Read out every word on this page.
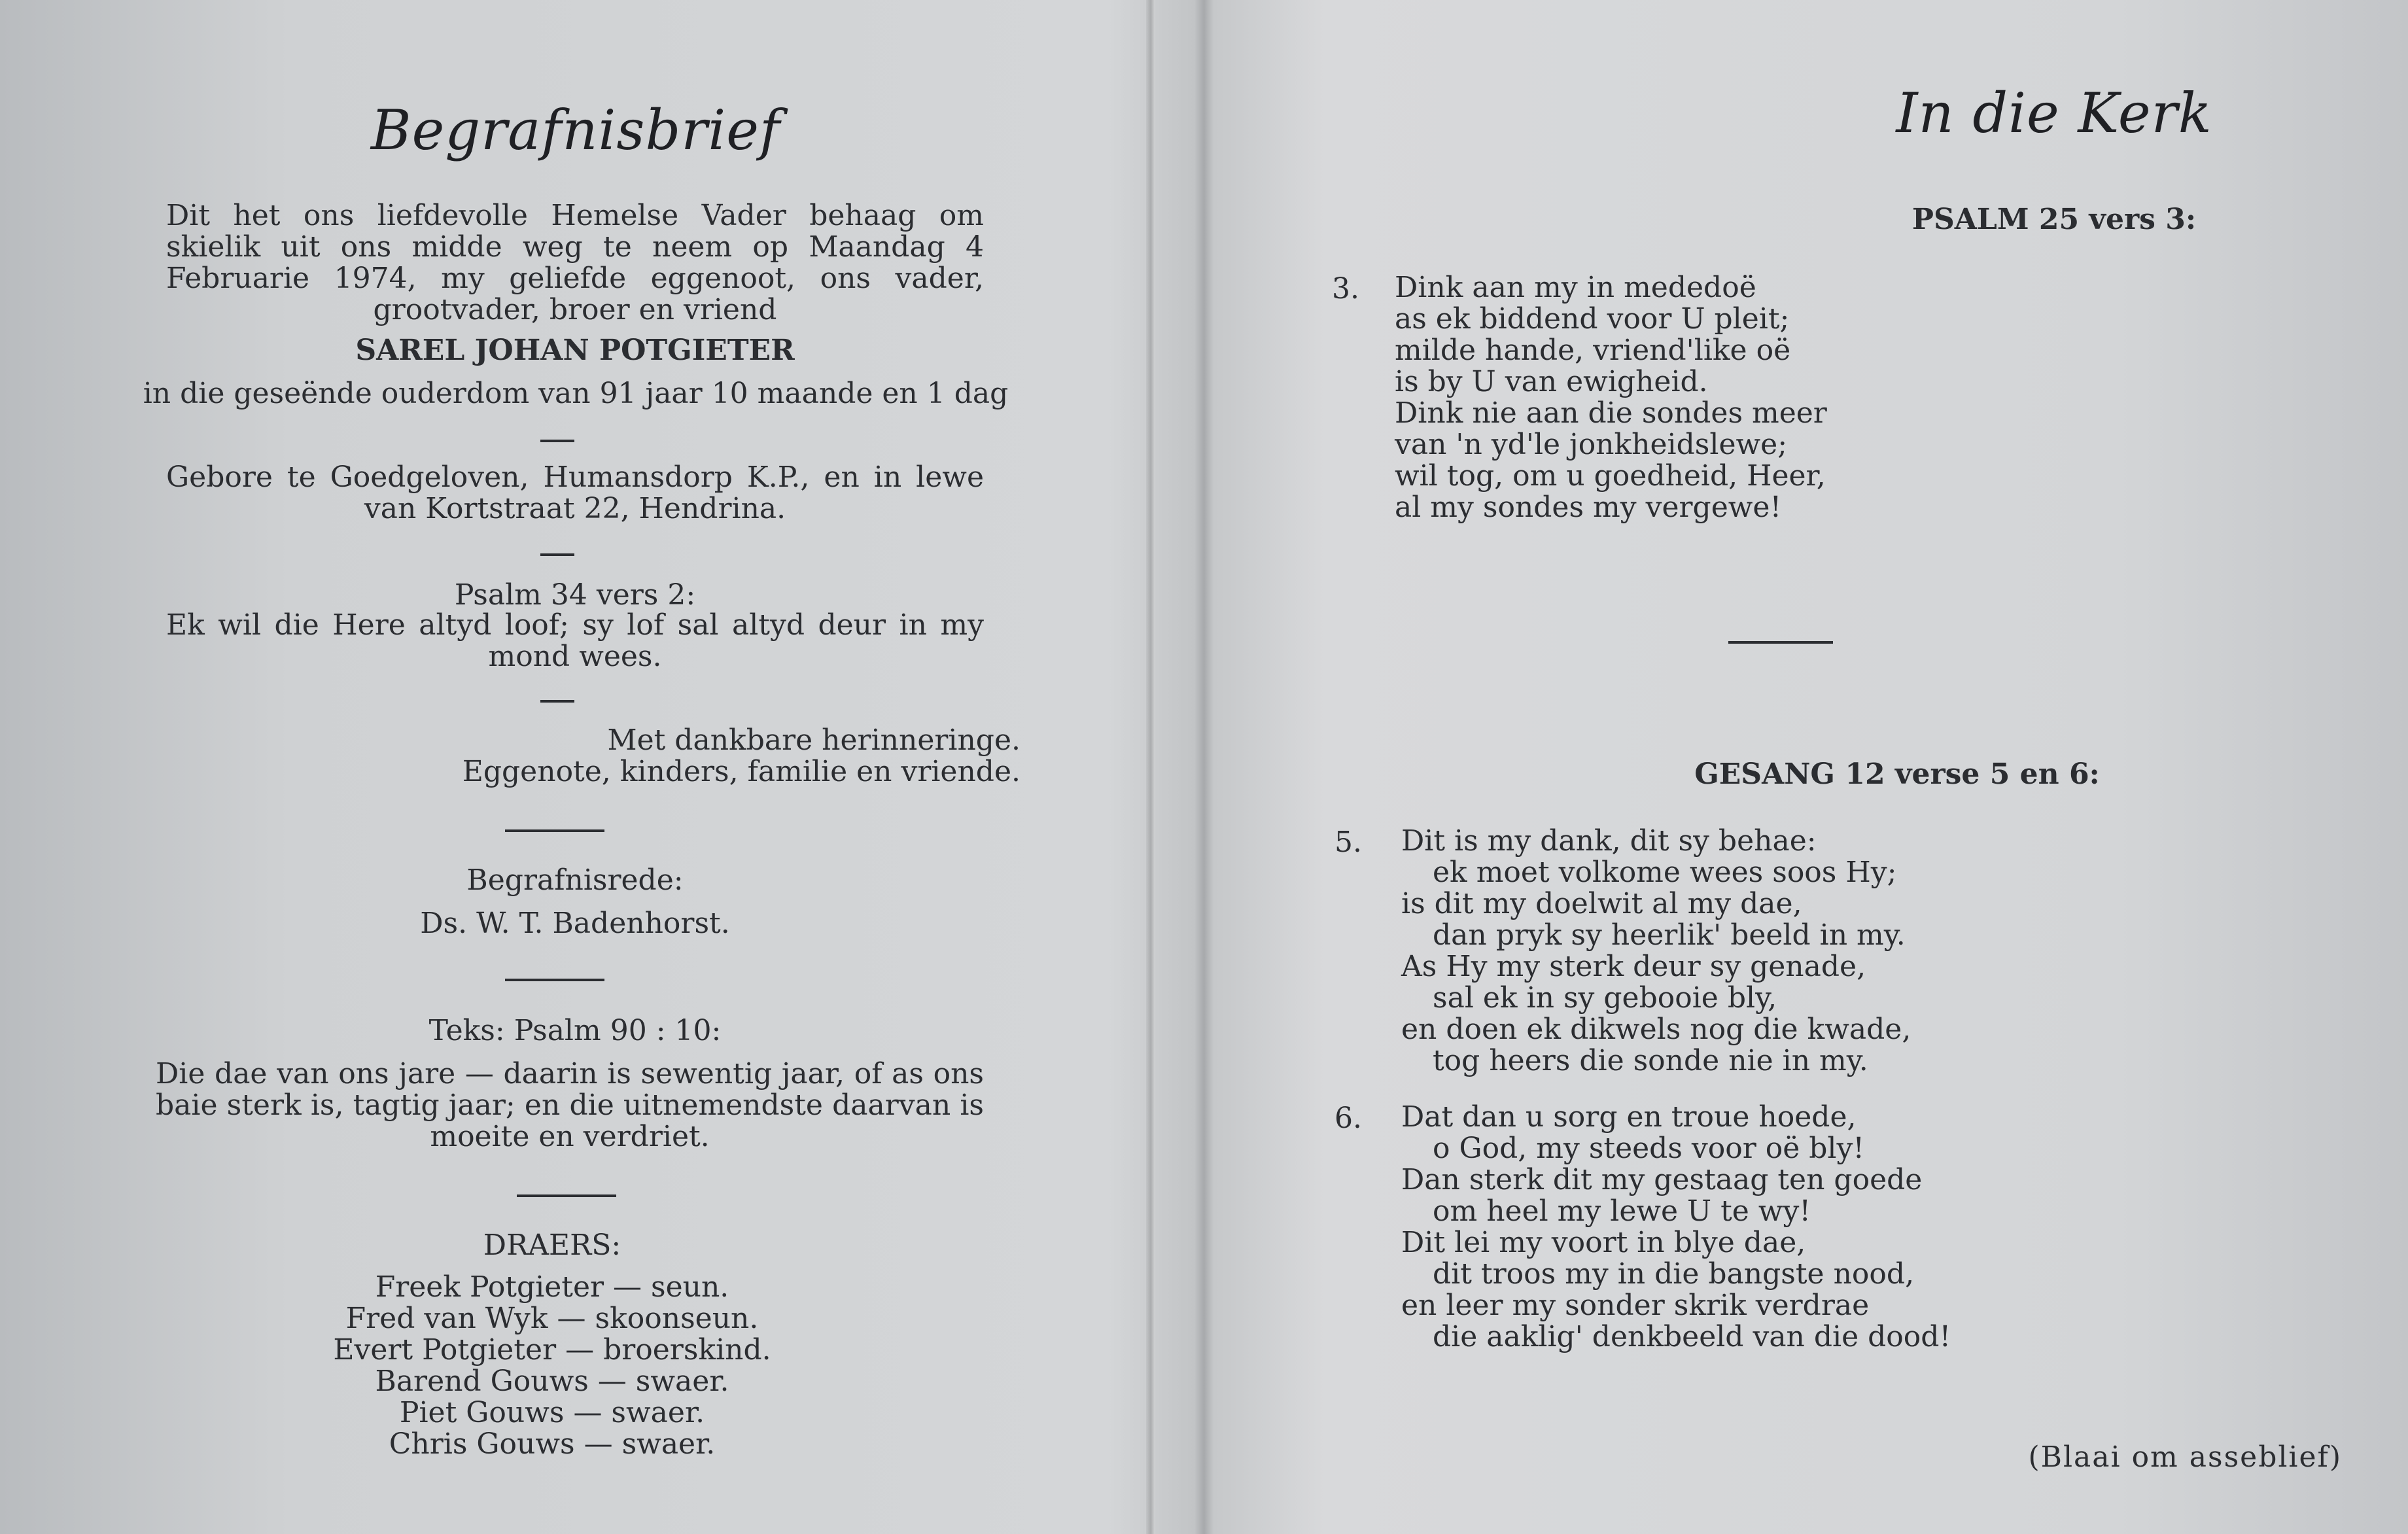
Begrafnisbrief
Dit het ons liefdevolle Hemelse Vader behaag om skielik uit ons midde weg te neem op Maandag 4 Februarie 1974, my geliefde eggenoot, ons vader, grootvader, broer en vriend
SAREL JOHAN POTGIETER
in die geseënde ouderdom van 91 jaar 10 maande en 1 dag
Gebore te Goedgeloven, Humansdorp K.P., en in lewe van Kortstraat 22, Hendrina.
Psalm 34 vers 2:
Ek wil die Here altyd loof; sy lof sal altyd deur in my mond wees.
Met dankbare herinneringe.
Eggenote, kinders, familie en vriende.
Begrafnisrede:
Ds. W. T. Badenhorst.
Teks: Psalm 90 : 10:
Die dae van ons jare — daarin is sewentig jaar, of as ons baie sterk is, tagtig jaar; en die uitnemendste daarvan is moeite en verdriet.
DRAERS:
Freek Potgieter — seun.
Fred van Wyk — skoonseun.
Evert Potgieter — broerskind.
Barend Gouws — swaer.
Piet Gouws — swaer.
Chris Gouws — swaer.
In die Kerk
PSALM 25 vers 3:
3. Dink aan my in mededoë
as ek biddend voor U pleit;
milde hande, vriend'like oë
is by U van ewigheid.
Dink nie aan die sondes meer
van 'n yd'le jonkheidslewe;
wil tog, om u goedheid, Heer,
al my sondes my vergewe!
GESANG 12 verse 5 en 6:
5. Dit is my dank, dit sy behae:
ek moet volkome wees soos Hy;
is dit my doelwit al my dae,
dan pryk sy heerlik' beeld in my.
As Hy my sterk deur sy genade,
sal ek in sy gebooie bly,
en doen ek dikwels nog die kwade,
tog heers die sonde nie in my.
6. Dat dan u sorg en troue hoede,
o God, my steeds voor oë bly!
Dan sterk dit my gestaag ten goede
om heel my lewe U te wy!
Dit lei my voort in blye dae,
dit troos my in die bangste nood,
en leer my sonder skrik verdrae
die aaklig' denkbeeld van die dood!
(Blaai om asseblief)
